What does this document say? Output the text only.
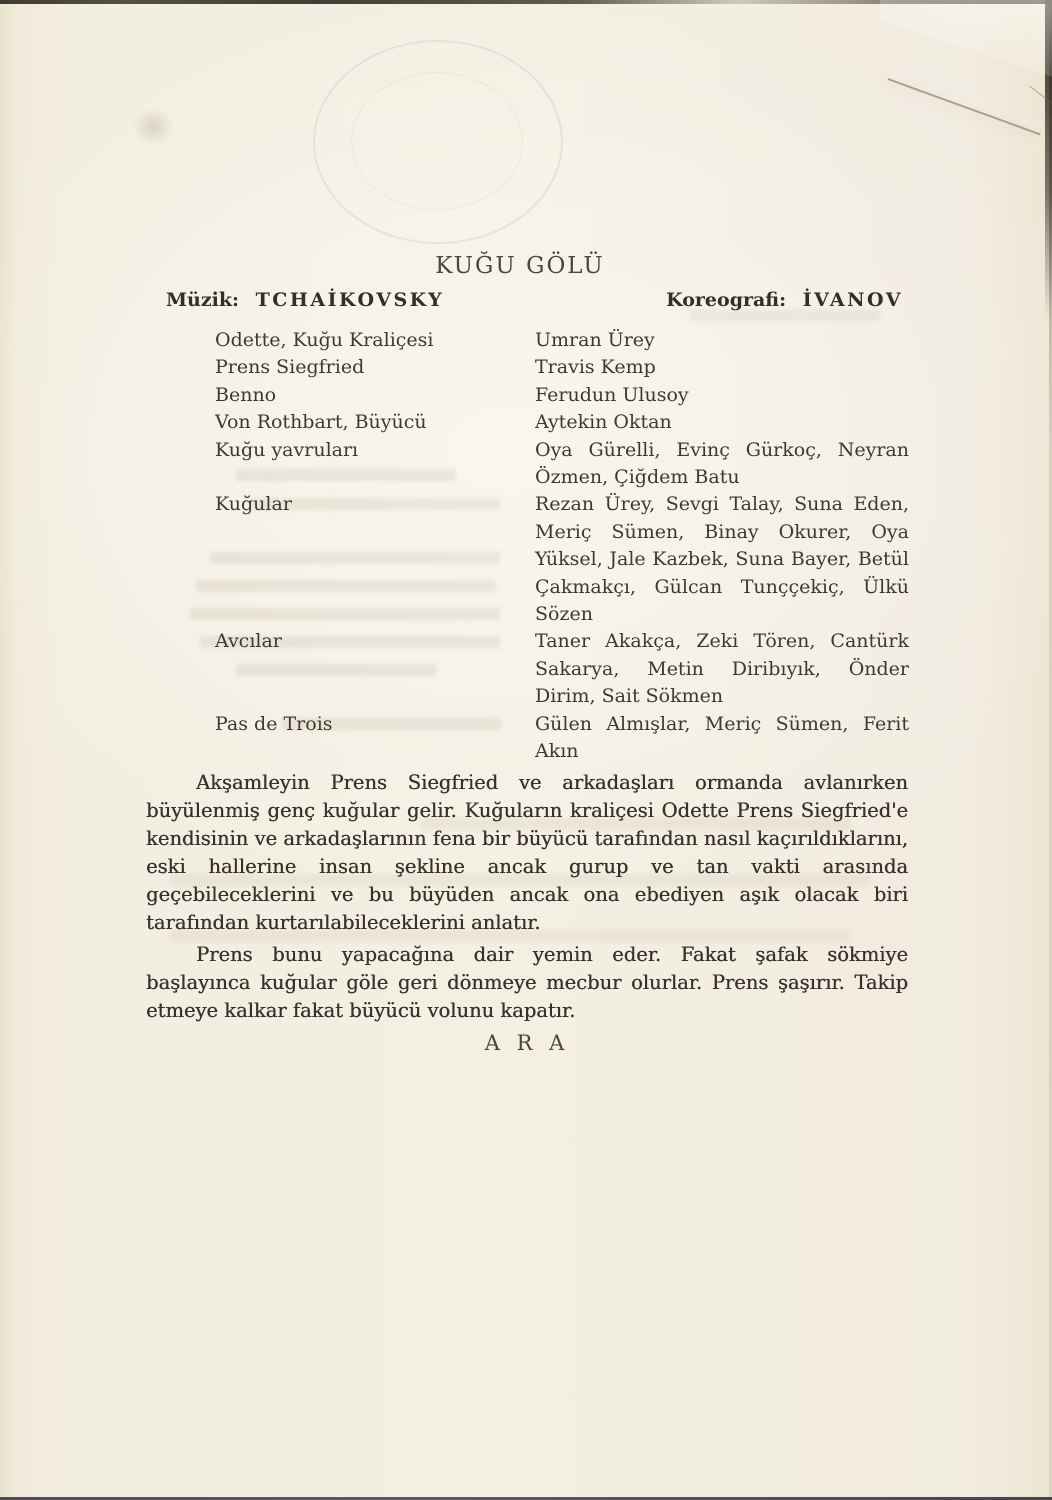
KUĞU GÖLÜ
Müzik: TCHAİKOVSKY	Koreografi: İVANOV
Odette, Kuğu Kraliçesi	Umran Ürey
Prens Siegfried	Travis Kemp
Benno	Ferudun Ulusoy
Von Rothbart, Büyücü	Aytekin Oktan
Kuğu yavruları	Oya Gürelli, Evinç Gürkoç, Neyran Özmen, Çiğdem Batu
Kuğular	Rezan Ürey, Sevgi Talay, Suna Eden, Meriç Sümen, Binay Okurer, Oya Yüksel, Jale Kazbek, Suna Bayer, Betül Çakmakçı, Gülcan Tunççekiç, Ülkü Sözen
Avcılar	Taner Akakça, Zeki Tören, Cantürk Sakarya, Metin Diribıyık, Önder Dirim, Sait Sökmen
Pas de Trois	Gülen Almışlar, Meriç Sümen, Ferit Akın

Akşamleyin Prens Siegfried ve arkadaşları ormanda avlanırken büyülenmiş genç kuğular gelir. Kuğuların kraliçesi Odette Prens Siegfried'e kendisinin ve arkadaşlarının fena bir büyücü tarafından nasıl kaçırıldıklarını, eski hallerine insan şekline ancak gurup ve tan vakti arasında geçebileceklerini ve bu büyüden ancak ona ebediyen aşık olacak biri tarafından kurtarılabileceklerini anlatır.

Prens bunu yapacağına dair yemin eder. Fakat şafak sökmiye başlayınca kuğular göle geri dönmeye mecbur olurlar. Prens şaşırır. Takip etmeye kalkar fakat büyücü volunu kapatır.

A R A
